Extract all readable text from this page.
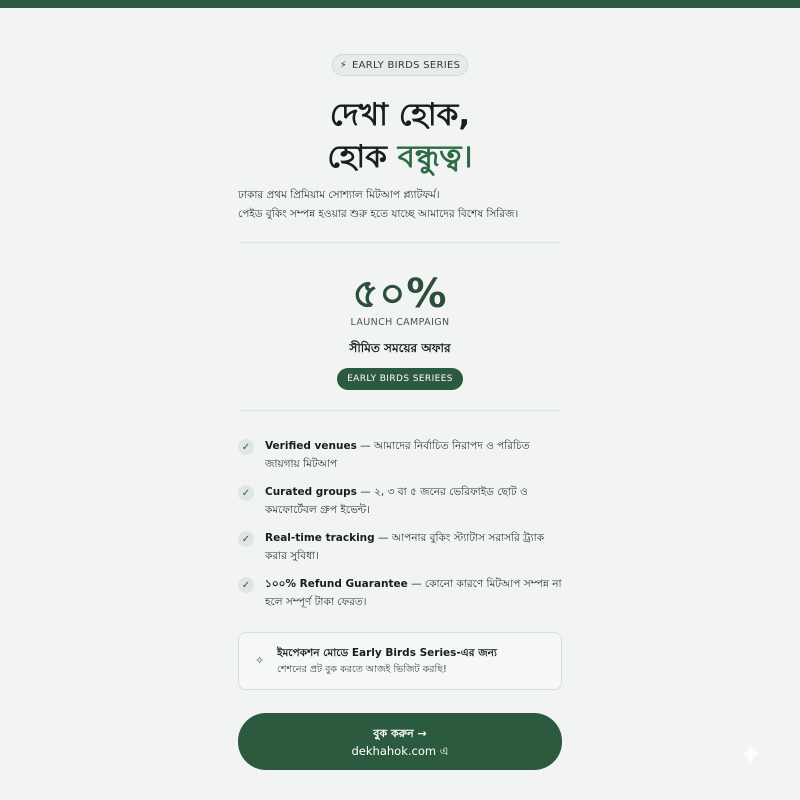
⚡ EARLY BIRDS SERIES
দেখা হোক,
হোক বন্ধুত্ব।
ঢাকার প্রথম প্রিমিয়াম সোশ্যাল মিটআপ প্ল্যাটফর্ম।
পেইড বুকিং সম্পন্ন হওয়ার শুরু হতে যাচ্ছে আমাদের বিশেষ সিরিজ।
৫০%
LAUNCH CAMPAIGN
সীমিত সময়ের অফার
EARLY BIRDS SERIEES
✓	Verified venues — আমাদের নির্বাচিত নিরাপদ ও পরিচিত জায়গায় মিটআপ
✓	Curated groups — ২, ৩ বা ৫ জনের ভেরিফাইড ছোট ও কমফোর্টেবল গ্রুপ ইভেন্ট।
✓	Real-time tracking — আপনার বুকিং স্ট্যাটাস সরাসরি ট্র্যাক করার সুবিধা।
✓	১০০% Refund Guarantee — কোনো কারণে মিটআপ সম্পন্ন না হলে সম্পূর্ণ টাকা ফেরত।
✧
ইমপেকশন মোডে Early Birds Series-এর জন্য
শেশনের প্রট বুক করতে আজই ভিজিট করছি!
বুক করুন →
dekhahok.com এ	✦
